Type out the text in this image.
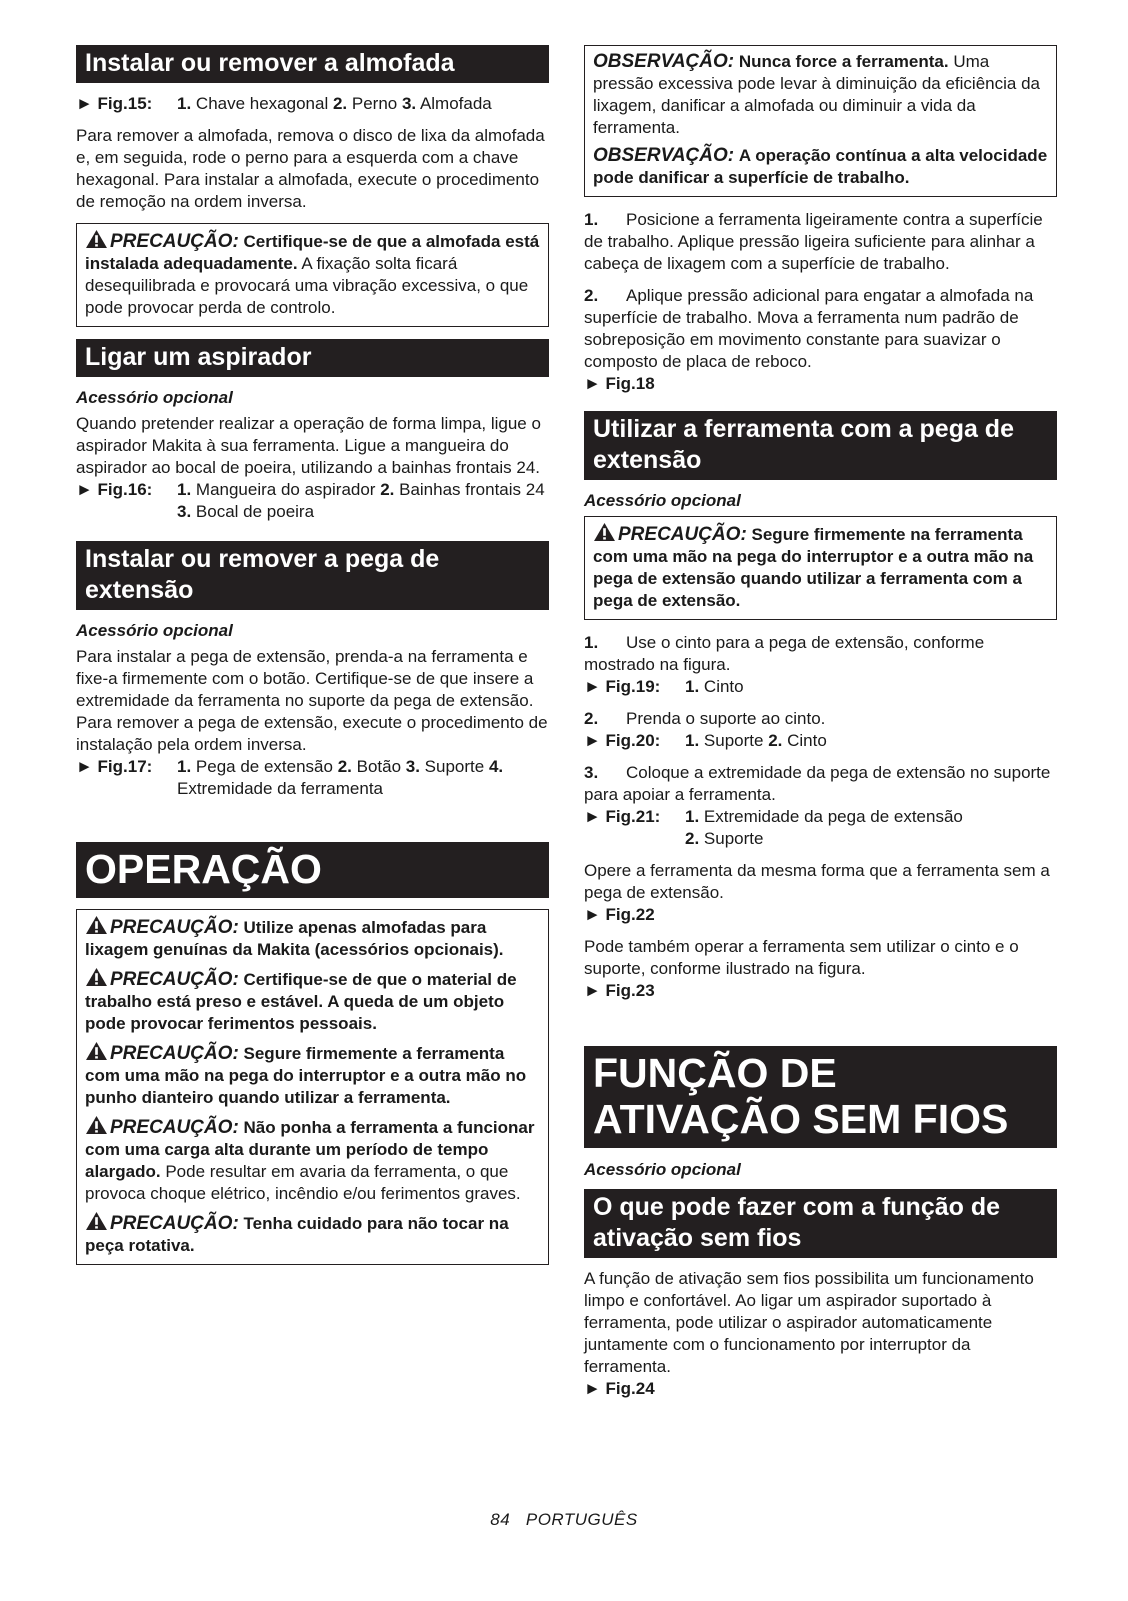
Instalar ou remover a almofada
► Fig.15:	1. Chave hexagonal 2. Perno 3. Almofada

Para remover a almofada, remova o disco de lixa da almofada e, em seguida, rode o perno para a esquerda com a chave hexagonal. Para instalar a almofada, execute o procedimento de remoção na ordem inversa.

PRECAUÇÃO: Certifique-se de que a almofada está instalada adequadamente. A fixação solta ficará desequilibrada e provocará uma vibração excessiva, o que pode provocar perda de controlo.

Ligar um aspirador
Acessório opcional

Quando pretender realizar a operação de forma limpa, ligue o aspirador Makita à sua ferramenta. Ligue a mangueira do aspirador ao bocal de poeira, utilizando a bainhas frontais 24.

► Fig.16:	1. Mangueira do aspirador 2. Bainhas frontais 24 3. Bocal de poeira
Instalar ou remover a pega de extensão
Acessório opcional

Para instalar a pega de extensão, prenda-a na ferramenta e fixe-a firmemente com o botão. Certifique-se de que insere a extremidade da ferramenta no suporte da pega de extensão. Para remover a pega de extensão, execute o procedimento de instalação pela ordem inversa.

► Fig.17:	1. Pega de extensão 2. Botão 3. Suporte 4. Extremidade da ferramenta
OPERAÇÃO

PRECAUÇÃO: Utilize apenas almofadas para lixagem genuínas da Makita (acessórios opcionais).

PRECAUÇÃO: Certifique-se de que o material de trabalho está preso e estável. A queda de um objeto pode provocar ferimentos pessoais.

PRECAUÇÃO: Segure firmemente a ferramenta com uma mão na pega do interruptor e a outra mão no punho dianteiro quando utilizar a ferramenta.

PRECAUÇÃO: Não ponha a ferramenta a funcionar com uma carga alta durante um período de tempo alargado. Pode resultar em avaria da ferramenta, o que provoca choque elétrico, incêndio e/ou ferimentos graves.

PRECAUÇÃO: Tenha cuidado para não tocar na peça rotativa.

OBSERVAÇÃO: Nunca force a ferramenta. Uma pressão excessiva pode levar à diminuição da eficiência da lixagem, danificar a almofada ou diminuir a vida da ferramenta.

OBSERVAÇÃO: A operação contínua a alta velocidade pode danificar a superfície de trabalho.

1. Posicione a ferramenta ligeiramente contra a superfície de trabalho. Aplique pressão ligeira suficiente para alinhar a cabeça de lixagem com a superfície de trabalho.

2. Aplique pressão adicional para engatar a almofada na superfície de trabalho. Mova a ferramenta num padrão de sobreposição em movimento constante para suavizar o composto de placa de reboco.

► Fig.18
Utilizar a ferramenta com a pega de extensão
Acessório opcional

PRECAUÇÃO: Segure firmemente na ferramenta com uma mão na pega do interruptor e a outra mão na pega de extensão quando utilizar a ferramenta com a pega de extensão.

1. Use o cinto para a pega de extensão, conforme mostrado na figura.

► Fig.19:	1. Cinto

2. Prenda o suporte ao cinto.

► Fig.20:	1. Suporte 2. Cinto

3. Coloque a extremidade da pega de extensão no suporte para apoiar a ferramenta.

► Fig.21:	1. Extremidade da pega de extensão
2. Suporte

Opere a ferramenta da mesma forma que a ferramenta sem a pega de extensão.

► Fig.22

Pode também operar a ferramenta sem utilizar o cinto e o suporte, conforme ilustrado na figura.

► Fig.23
FUNÇÃO DE ATIVAÇÃO SEM FIOS
Acessório opcional
O que pode fazer com a função de ativação sem fios

A função de ativação sem fios possibilita um funcionamento limpo e confortável. Ao ligar um aspirador suportado à ferramenta, pode utilizar o aspirador automaticamente juntamente com o funcionamento por interruptor da ferramenta.

► Fig.24
84 PORTUGUÊS
